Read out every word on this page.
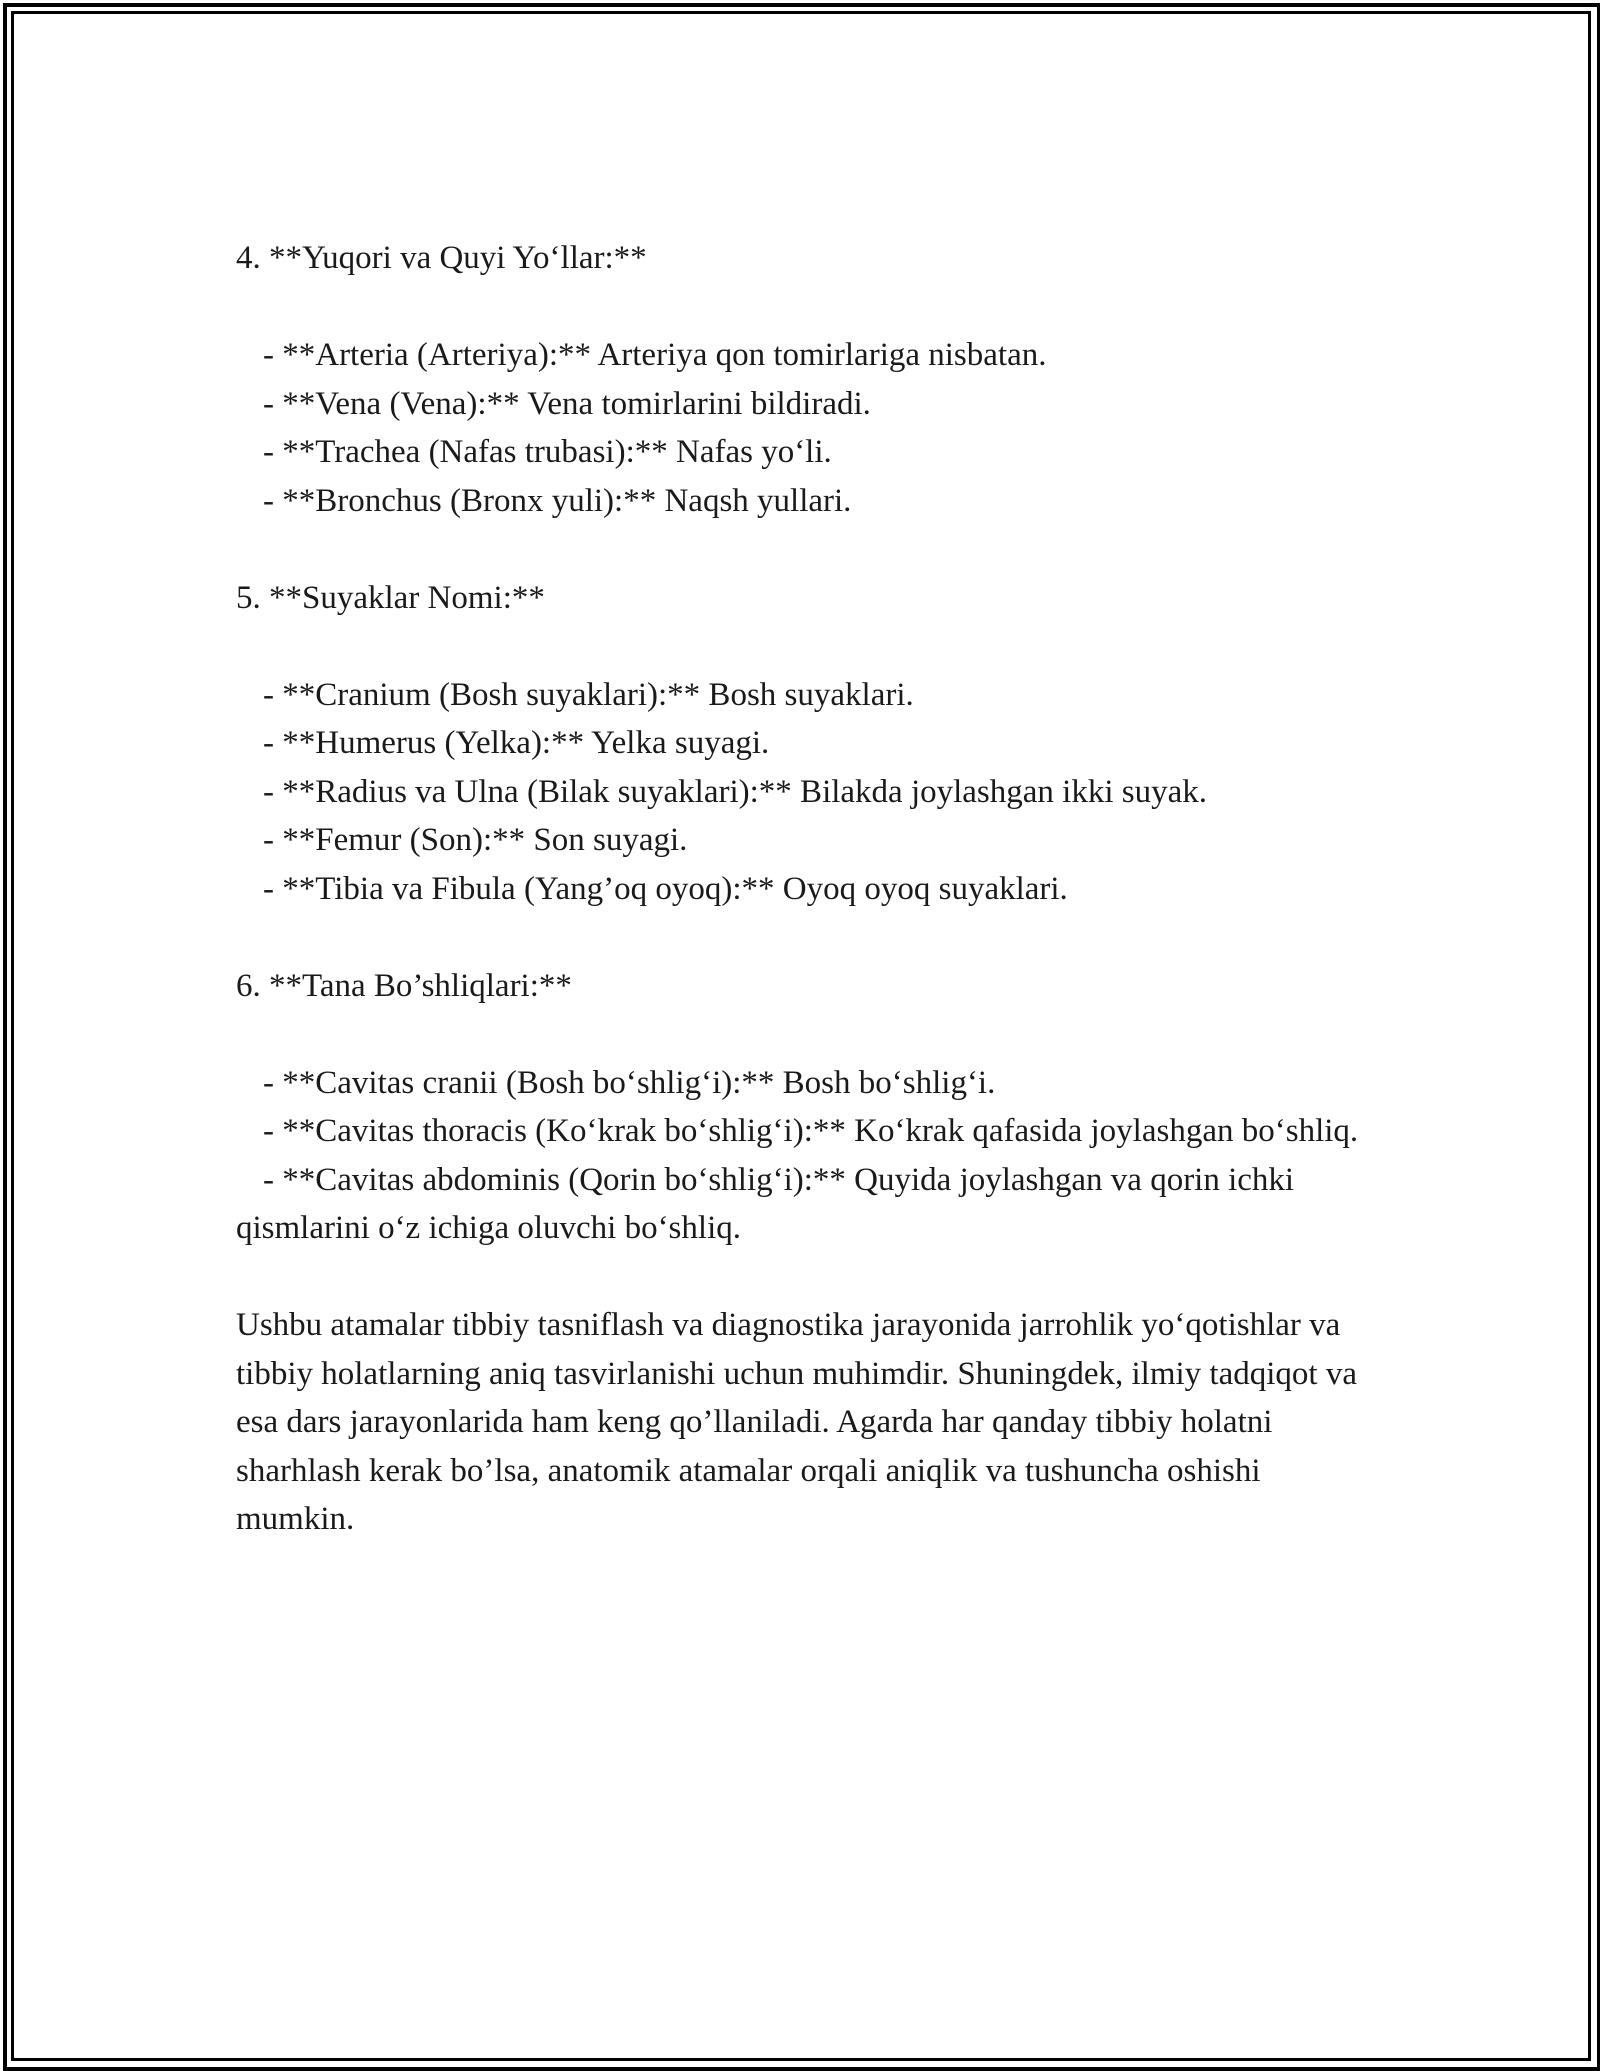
4. **Yuqori va Quyi Yo‘llar:**

- **Arteria (Arteriya):** Arteriya qon tomirlariga nisbatan.

- **Vena (Vena):** Vena tomirlarini bildiradi.

- **Trachea (Nafas trubasi):** Nafas yo‘li.

- **Bronchus (Bronx yuli):** Naqsh yullari.

5. **Suyaklar Nomi:**

- **Cranium (Bosh suyaklari):** Bosh suyaklari.

- **Humerus (Yelka):** Yelka suyagi.

- **Radius va Ulna (Bilak suyaklari):** Bilakda joylashgan ikki suyak.

- **Femur (Son):** Son suyagi.

- **Tibia va Fibula (Yang’oq oyoq):** Oyoq oyoq suyaklari.

6. **Tana Bo’shliqlari:**

- **Cavitas cranii (Bosh bo‘shlig‘i):** Bosh bo‘shlig‘i.

- **Cavitas thoracis (Ko‘krak bo‘shlig‘i):** Ko‘krak qafasida joylashgan bo‘shliq.

- **Cavitas abdominis (Qorin bo‘shlig‘i):** Quyida joylashgan va qorin ichki qismlarini o‘z ichiga oluvchi bo‘shliq.

Ushbu atamalar tibbiy tasniflash va diagnostika jarayonida jarrohlik yo‘qotishlar va tibbiy holatlarning aniq tasvirlanishi uchun muhimdir. Shuningdek, ilmiy tadqiqot va esa dars jarayonlarida ham keng qo’llaniladi. Agarda har qanday tibbiy holatni sharhlash kerak bo’lsa, anatomik atamalar orqali aniqlik va tushuncha oshishi mumkin.
